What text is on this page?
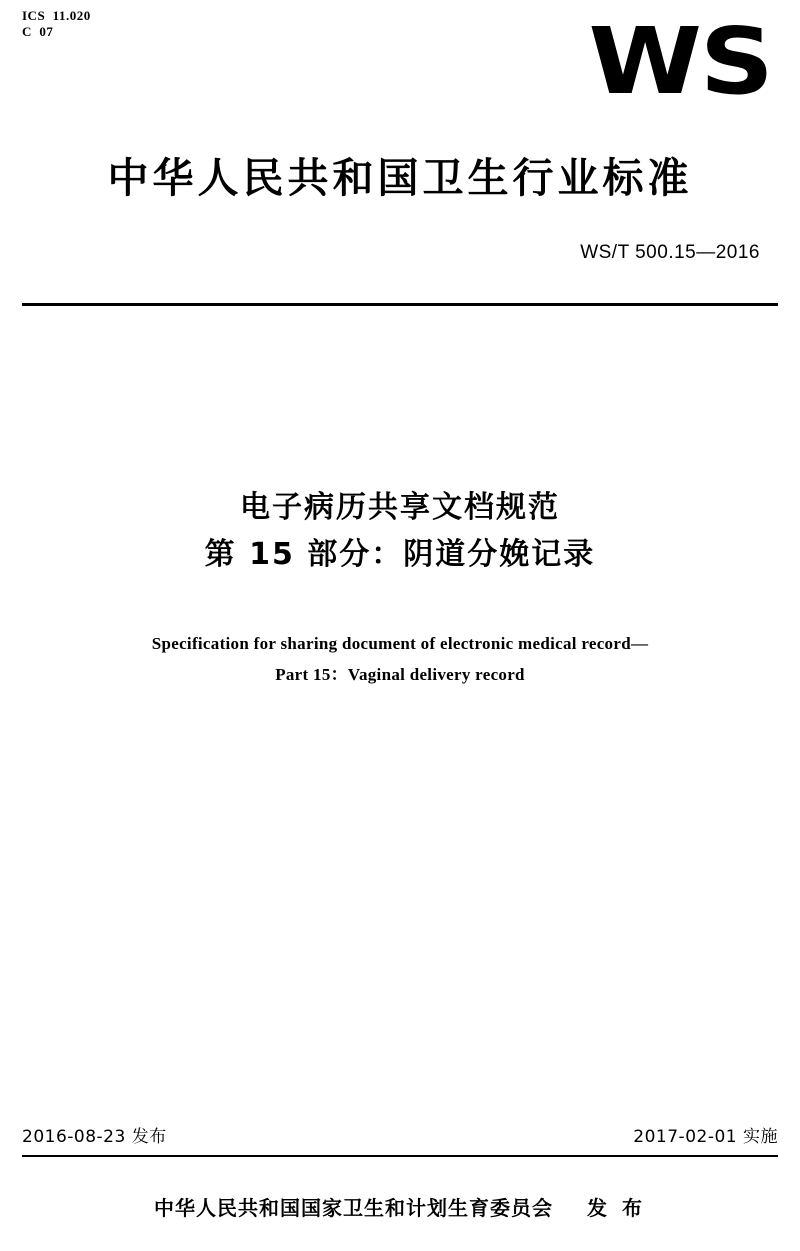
ICS  11.020
C  07	WS
中华人民共和国卫生行业标准
WS/T 500.15—2016
电子病历共享文档规范
第 15 部分：阴道分娩记录
Specification for sharing document of electronic medical record—
Part 15：Vaginal delivery record
2016-08-23 发布	2017-02-01 实施
中华人民共和国国家卫生和计划生育委员会 发 布
